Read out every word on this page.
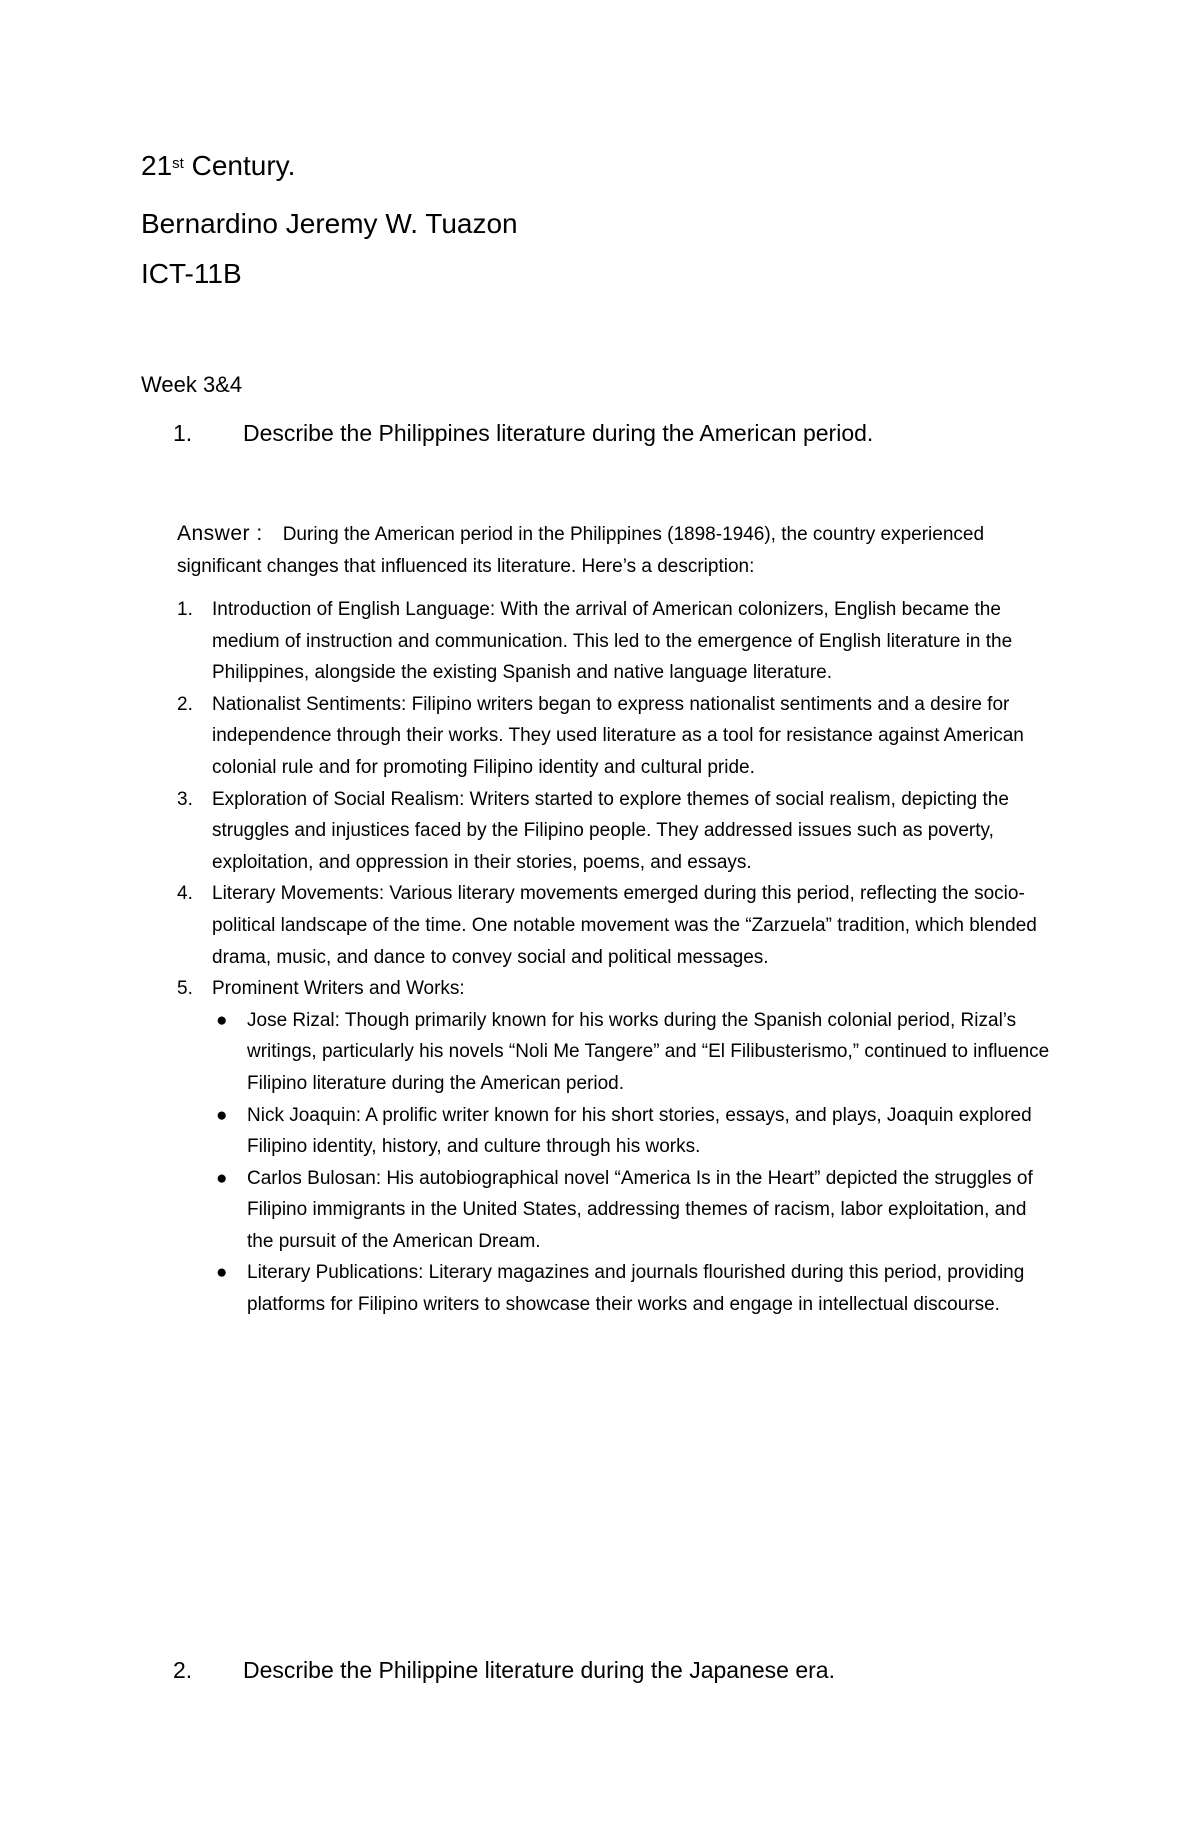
21st Century.

Bernardino Jeremy W. Tuazon

ICT-11B

Week 3&4

1.	Describe the Philippines literature during the American period.

Answer : During the American period in the Philippines (1898-1946), the country experienced significant changes that influenced its literature. Here’s a description:

1.	Introduction of English Language: With the arrival of American colonizers, English became the medium of instruction and communication. This led to the emergence of English literature in the Philippines, alongside the existing Spanish and native language literature.
2.	Nationalist Sentiments: Filipino writers began to express nationalist sentiments and a desire for independence through their works. They used literature as a tool for resistance against American colonial rule and for promoting Filipino identity and cultural pride.
3.	Exploration of Social Realism: Writers started to explore themes of social realism, depicting the struggles and injustices faced by the Filipino people. They addressed issues such as poverty, exploitation, and oppression in their stories, poems, and essays.
4.	Literary Movements: Various literary movements emerged during this period, reflecting the socio-political landscape of the time. One notable movement was the “Zarzuela” tradition, which blended drama, music, and dance to convey social and political messages.
5.	Prominent Writers and Works:
●	Jose Rizal: Though primarily known for his works during the Spanish colonial period, Rizal’s writings, particularly his novels “Noli Me Tangere” and “El Filibusterismo,” continued to influence Filipino literature during the American period.
●	Nick Joaquin: A prolific writer known for his short stories, essays, and plays, Joaquin explored Filipino identity, history, and culture through his works.
●	Carlos Bulosan: His autobiographical novel “America Is in the Heart” depicted the struggles of Filipino immigrants in the United States, addressing themes of racism, labor exploitation, and the pursuit of the American Dream.
●	Literary Publications: Literary magazines and journals flourished during this period, providing platforms for Filipino writers to showcase their works and engage in intellectual discourse.
2.	Describe the Philippine literature during the Japanese era.
